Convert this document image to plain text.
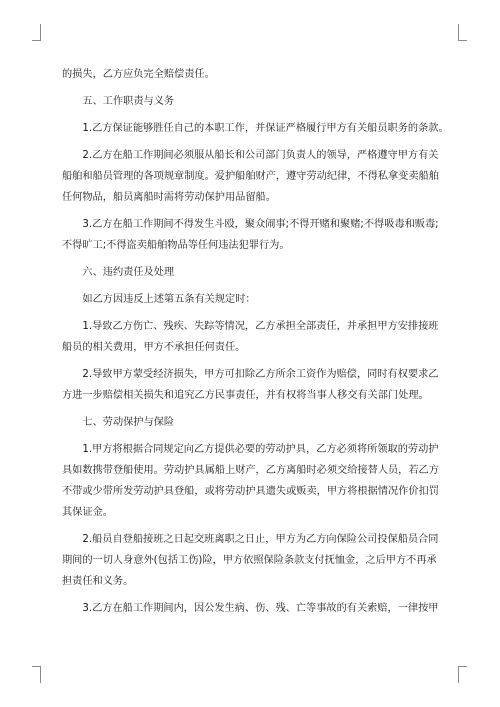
的损失，乙方应负完全赔偿责任。

五、工作职责与义务

1.乙方保证能够胜任自己的本职工作，并保证严格履行甲方有关船员职务的条款。

2.乙方在船工作期间必须服从船长和公司部门负责人的领导，严格遵守甲方有关
船舶和船员管理的各项规章制度。爱护船舶财产，遵守劳动纪律，不得私拿变卖船舶
任何物品，船员离船时需将劳动保护用品留船。

3.乙方在船工作期间不得发生斗殴，聚众闹事;不得开赌和聚赌;不得吸毒和贩毒;
不得旷工;不得盗卖船舶物品等任何违法犯罪行为。

六、违约责任及处理

如乙方因违反上述第五条有关规定时：

1.导致乙方伤亡、残疾、失踪等情况，乙方承担全部责任，并承担甲方安排接班
船员的相关费用，甲方不承担任何责任。

2.导致甲方蒙受经济损失，甲方可扣除乙方所余工资作为赔偿，同时有权要求乙
方进一步赔偿相关损失和追究乙方民事责任，并有权将当事人移交有关部门处理。

七、劳动保护与保险

1.甲方将根据合同规定向乙方提供必要的劳动护具，乙方必须将所领取的劳动护
具如数携带登船使用。劳动护具属船上财产，乙方离船时必须交给接替人员，若乙方
不带或少带所发劳动护具登船，或将劳动护具遗失或贩卖，甲方将根据情况作价扣罚
其保证金。

2.船员自登船接班之日起交班离职之日止，甲方为乙方向保险公司投保船员合同
期间的一切人身意外(包括工伤)险，甲方依照保险条款支付抚恤金，之后甲方不再承
担责任和义务。

3.乙方在船工作期间内，因公发生病、伤、残、亡等事故的有关索赔，一律按甲
